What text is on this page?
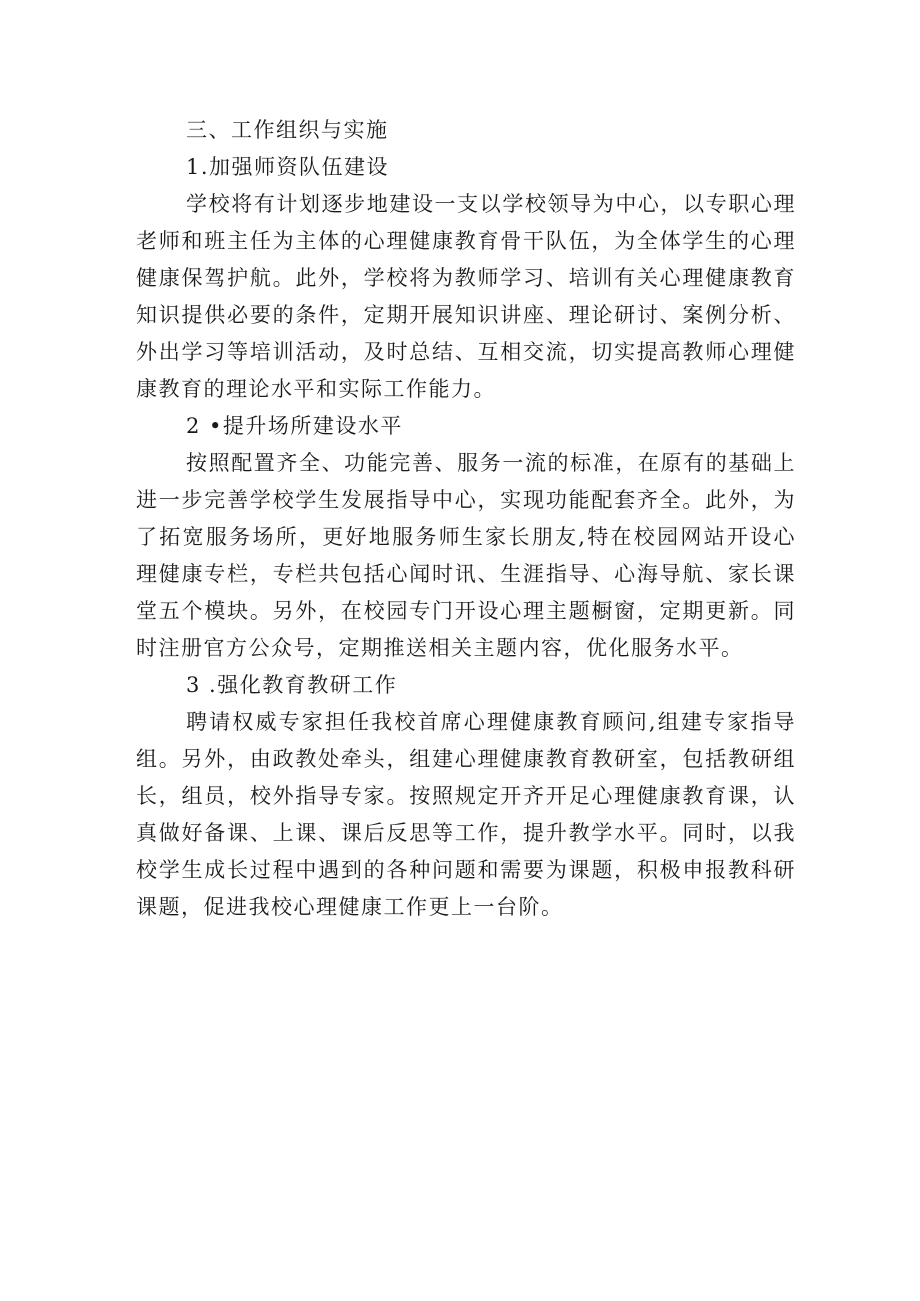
三、工作组织与实施

1.加强师资队伍建设

学校将有计划逐步地建设一支以学校领导为中心，以专职心理老师和班主任为主体的心理健康教育骨干队伍，为全体学生的心理健康保驾护航。此外，学校将为教师学习、培训有关心理健康教育知识提供必要的条件，定期开展知识讲座、理论研讨、案例分析、外出学习等培训活动，及时总结、互相交流，切实提高教师心理健康教育的理论水平和实际工作能力。

2 •提升场所建设水平

按照配置齐全、功能完善、服务一流的标准，在原有的基础上进一步完善学校学生发展指导中心，实现功能配套齐全。此外，为了拓宽服务场所，更好地服务师生家长朋友,特在校园网站开设心理健康专栏，专栏共包括心闻时讯、生涯指导、心海导航、家长课堂五个模块。另外，在校园专门开设心理主题橱窗，定期更新。同时注册官方公众号，定期推送相关主题内容，优化服务水平。

3 .强化教育教研工作

聘请权威专家担任我校首席心理健康教育顾问,组建专家指导组。另外，由政教处牵头，组建心理健康教育教研室，包括教研组长，组员，校外指导专家。按照规定开齐开足心理健康教育课，认真做好备课、上课、课后反思等工作，提升教学水平。同时，以我校学生成长过程中遇到的各种问题和需要为课题，积极申报教科研课题，促进我校心理健康工作更上一台阶。
